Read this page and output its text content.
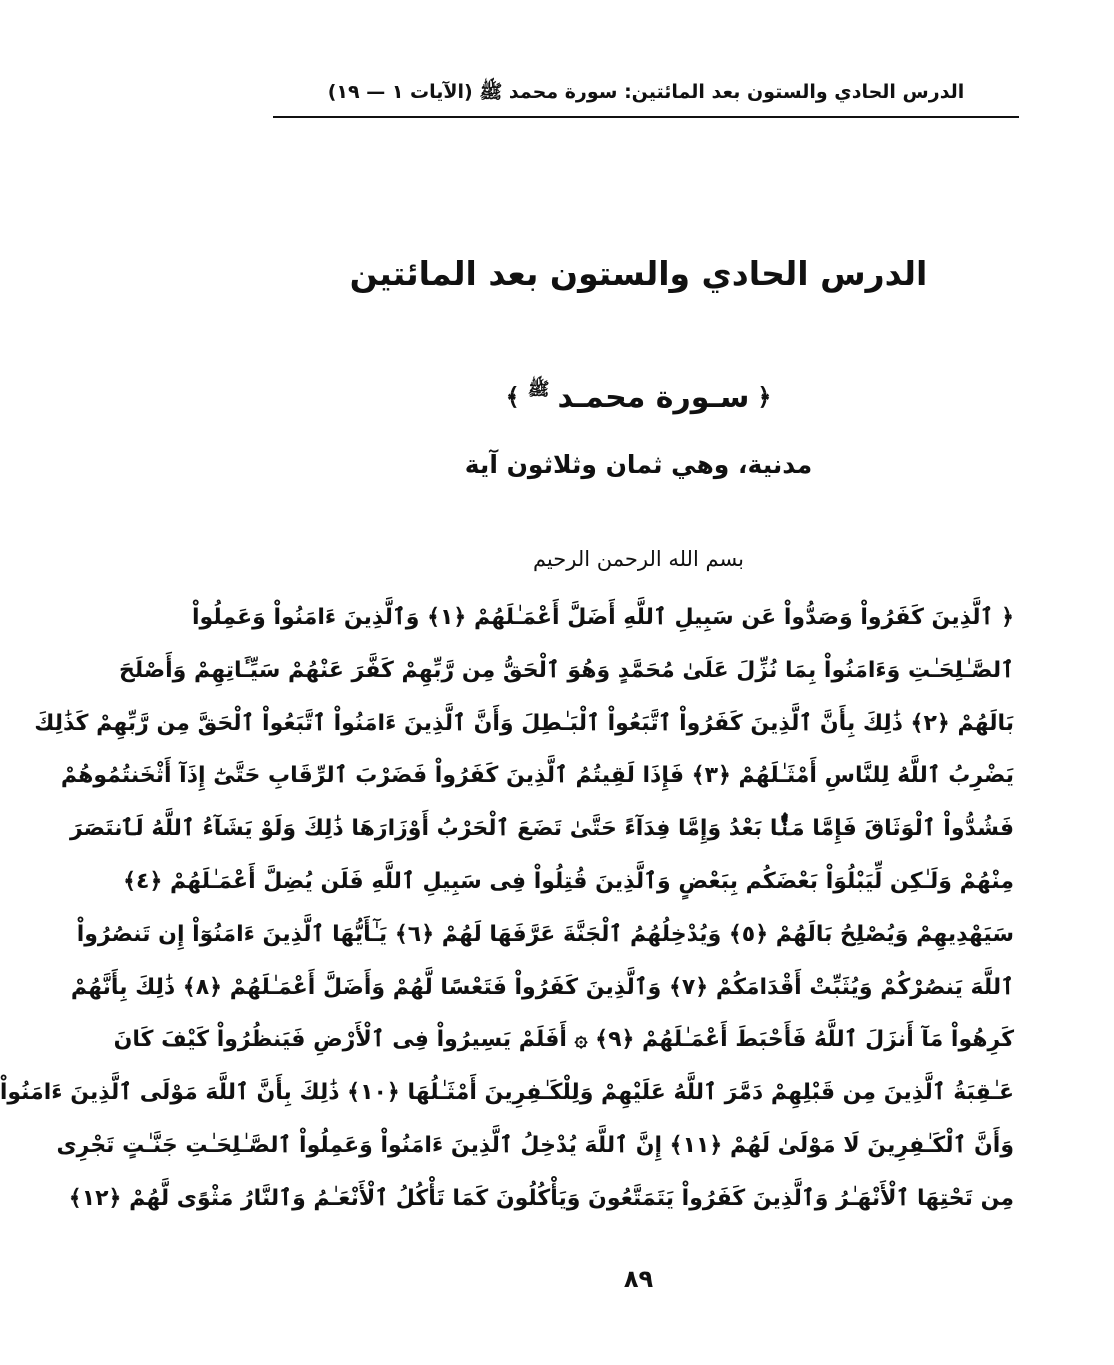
الدرس الحادي والستون بعد المائتين: سورة محمد ﷺ (الآيات ١ — ١٩)
الدرس الحادي والستون بعد المائتين
﴿
سـورة محمـد
ﷺ
﴾
مدنية، وهي ثمان وثلاثون آية
بسم الله الرحمن الرحيم
﴿ ٱلَّذِينَ كَفَرُواْ وَصَدُّواْ عَن سَبِيلِ ٱللَّهِ أَضَلَّ أَعْمَـٰلَهُمْ ﴿١﴾ وَٱلَّذِينَ ءَامَنُواْ وَعَمِلُواْ
ٱلصَّـٰلِحَـٰتِ وَءَامَنُواْ بِمَا نُزِّلَ عَلَىٰ مُحَمَّدٍ وَهُوَ ٱلْحَقُّ مِن رَّبِّهِمْ كَفَّرَ عَنْهُمْ سَيِّـَٔاتِهِمْ وَأَصْلَحَ
بَالَهُمْ ﴿٢﴾ ذَٰلِكَ بِأَنَّ ٱلَّذِينَ كَفَرُواْ ٱتَّبَعُواْ ٱلْبَـٰطِلَ وَأَنَّ ٱلَّذِينَ ءَامَنُواْ ٱتَّبَعُواْ ٱلْحَقَّ مِن رَّبِّهِمْ كَذَٰلِكَ
يَضْرِبُ ٱللَّهُ لِلنَّاسِ أَمْثَـٰلَهُمْ ﴿٣﴾ فَإِذَا لَقِيتُمُ ٱلَّذِينَ كَفَرُواْ فَضَرْبَ ٱلرِّقَابِ حَتَّىٰٓ إِذَآ أَثْخَنتُمُوهُمْ
فَشُدُّواْ ٱلْوَثَاقَ فَإِمَّا مَنًّۢا بَعْدُ وَإِمَّا فِدَآءً حَتَّىٰ تَضَعَ ٱلْحَرْبُ أَوْزَارَهَا ذَٰلِكَ وَلَوْ يَشَآءُ ٱللَّهُ لَٱنتَصَرَ
مِنْهُمْ وَلَـٰكِن لِّيَبْلُوَاْ بَعْضَكُم بِبَعْضٍ وَٱلَّذِينَ قُتِلُواْ فِى سَبِيلِ ٱللَّهِ فَلَن يُضِلَّ أَعْمَـٰلَهُمْ ﴿٤﴾
سَيَهْدِيهِمْ وَيُصْلِحُ بَالَهُمْ ﴿٥﴾ وَيُدْخِلُهُمُ ٱلْجَنَّةَ عَرَّفَهَا لَهُمْ ﴿٦﴾ يَـٰٓأَيُّهَا ٱلَّذِينَ ءَامَنُوٓاْ إِن تَنصُرُواْ
ٱللَّهَ يَنصُرْكُمْ وَيُثَبِّتْ أَقْدَامَكُمْ ﴿٧﴾ وَٱلَّذِينَ كَفَرُواْ فَتَعْسًا لَّهُمْ وَأَضَلَّ أَعْمَـٰلَهُمْ ﴿٨﴾ ذَٰلِكَ بِأَنَّهُمْ
كَرِهُواْ مَآ أَنزَلَ ٱللَّهُ فَأَحْبَطَ أَعْمَـٰلَهُمْ ﴿٩﴾ ۞ أَفَلَمْ يَسِيرُواْ فِى ٱلْأَرْضِ فَيَنظُرُواْ كَيْفَ كَانَ
عَـٰقِبَةُ ٱلَّذِينَ مِن قَبْلِهِمْ دَمَّرَ ٱللَّهُ عَلَيْهِمْ وَلِلْكَـٰفِرِينَ أَمْثَـٰلُهَا ﴿١٠﴾ ذَٰلِكَ بِأَنَّ ٱللَّهَ مَوْلَى ٱلَّذِينَ ءَامَنُواْ
وَأَنَّ ٱلْكَـٰفِرِينَ لَا مَوْلَىٰ لَهُمْ ﴿١١﴾ إِنَّ ٱللَّهَ يُدْخِلُ ٱلَّذِينَ ءَامَنُواْ وَعَمِلُواْ ٱلصَّـٰلِحَـٰتِ جَنَّـٰتٍ تَجْرِى
مِن تَحْتِهَا ٱلْأَنْهَـٰرُ وَٱلَّذِينَ كَفَرُواْ يَتَمَتَّعُونَ وَيَأْكُلُونَ كَمَا تَأْكُلُ ٱلْأَنْعَـٰمُ وَٱلنَّارُ مَثْوًى لَّهُمْ ﴿١٢﴾
٨٩
